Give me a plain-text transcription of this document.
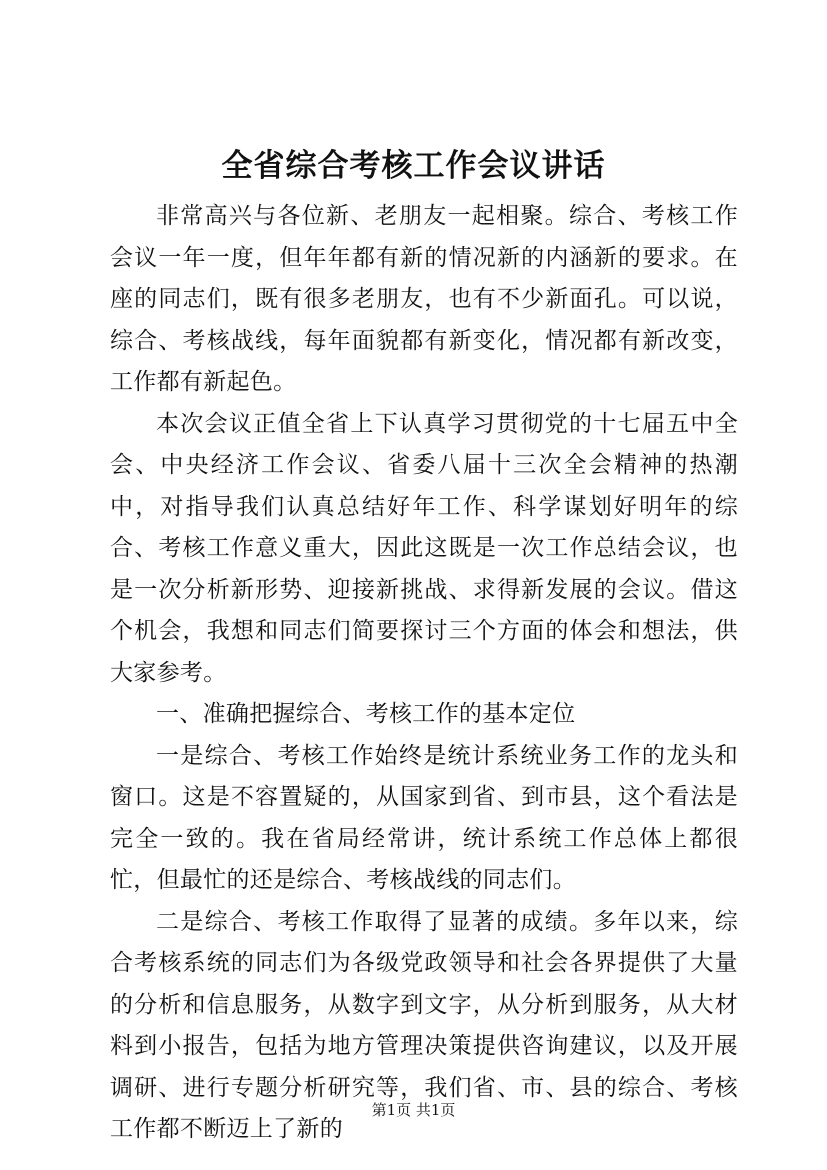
全省综合考核工作会议讲话

非常高兴与各位新、老朋友一起相聚。综合、考核工作会议一年一度，但年年都有新的情况新的内涵新的要求。在座的同志们，既有很多老朋友，也有不少新面孔。可以说，综合、考核战线，每年面貌都有新变化，情况都有新改变，工作都有新起色。

本次会议正值全省上下认真学习贯彻党的十七届五中全会、中央经济工作会议、省委八届十三次全会精神的热潮中，对指导我们认真总结好年工作、科学谋划好明年的综合、考核工作意义重大，因此这既是一次工作总结会议，也是一次分析新形势、迎接新挑战、求得新发展的会议。借这个机会，我想和同志们简要探讨三个方面的体会和想法，供大家参考。

一、准确把握综合、考核工作的基本定位

一是综合、考核工作始终是统计系统业务工作的龙头和窗口。这是不容置疑的，从国家到省、到市县，这个看法是完全一致的。我在省局经常讲，统计系统工作总体上都很忙，但最忙的还是综合、考核战线的同志们。

二是综合、考核工作取得了显著的成绩。多年以来，综合考核系统的同志们为各级党政领导和社会各界提供了大量的分析和信息服务，从数字到文字，从分析到服务，从大材料到小报告，包括为地方管理决策提供咨询建议，以及开展调研、进行专题分析研究等，我们省、市、县的综合、考核工作都不断迈上了新的

第1页 共1页
